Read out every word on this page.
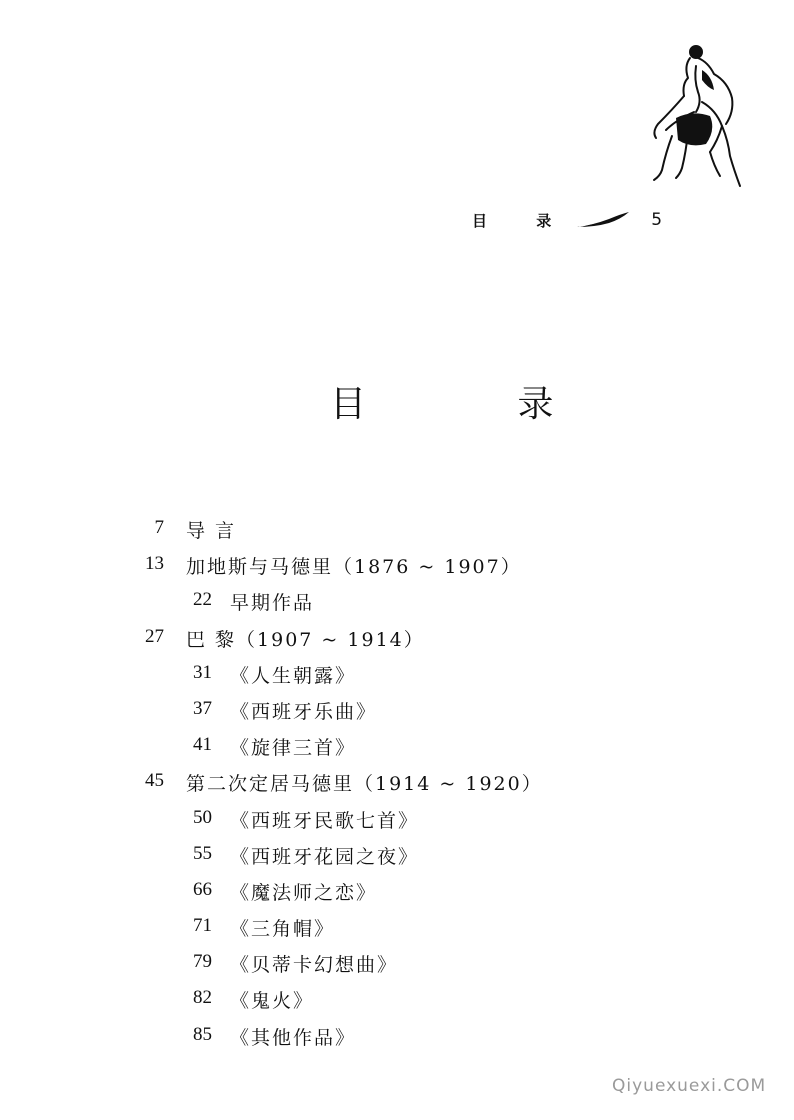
目 录	5
目 录
7 导 言
13 加地斯与马德里（1876 ~ 1907）
22 早期作品
27 巴 黎（1907 ~ 1914）
31 《人生朝露》
37 《西班牙乐曲》
41 《旋律三首》
45 第二次定居马德里（1914 ~ 1920）
50 《西班牙民歌七首》
55 《西班牙花园之夜》
66 《魔法师之恋》
71 《三角帽》
79 《贝蒂卡幻想曲》
82 《鬼火》
85 《其他作品》
Qiyuexuexi.COM
